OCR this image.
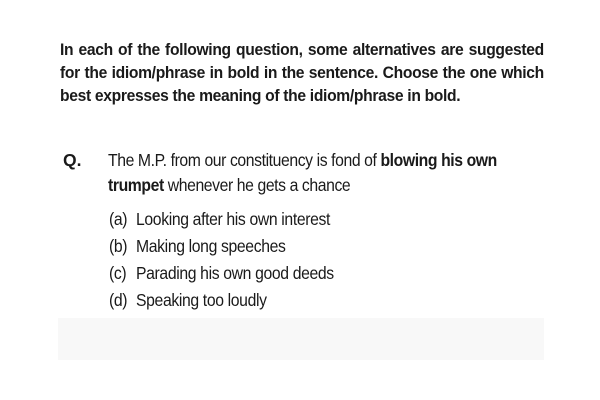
In each of the following question, some alternatives are suggested for the idiom/phrase in bold in the sentence. Choose the one which best expresses the meaning of the idiom/phrase in bold.
Q. The M.P. from our constituency is fond of blowing his own trumpet whenever he gets a chance
(a) Looking after his own interest
(b) Making long speeches
(c) Parading his own good deeds
(d) Speaking too loudly
